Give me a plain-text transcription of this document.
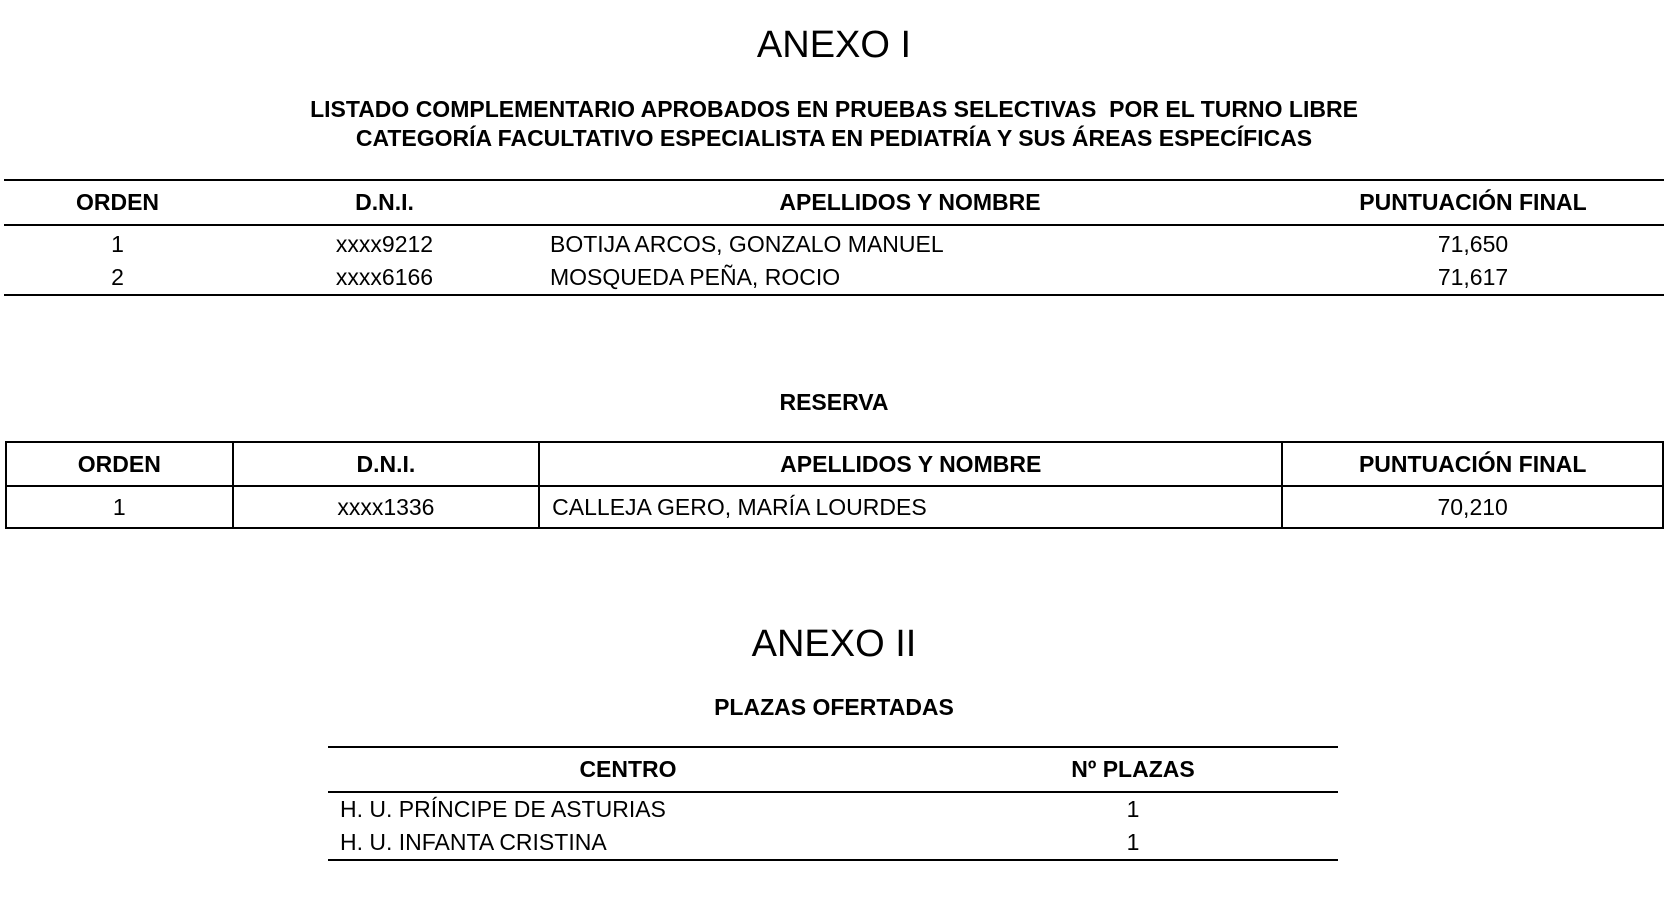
ANEXO I
LISTADO COMPLEMENTARIO APROBADOS EN PRUEBAS SELECTIVAS  POR EL TURNO LIBRE
CATEGORÍA FACULTATIVO ESPECIALISTA EN PEDIATRÍA Y SUS ÁREAS ESPECÍFICAS
ORDEN	D.N.I.	APELLIDOS Y NOMBRE	PUNTUACIÓN FINAL
1	xxxx9212	BOTIJA ARCOS, GONZALO MANUEL	71,650
2	xxxx6166	MOSQUEDA PEÑA, ROCIO	71,617
RESERVA
ORDEN	D.N.I.	APELLIDOS Y NOMBRE	PUNTUACIÓN FINAL
1	xxxx1336	CALLEJA GERO, MARÍA LOURDES	70,210
ANEXO II
PLAZAS OFERTADAS
CENTRO	Nº PLAZAS
H. U. PRÍNCIPE DE ASTURIAS	1
H. U. INFANTA CRISTINA	1
